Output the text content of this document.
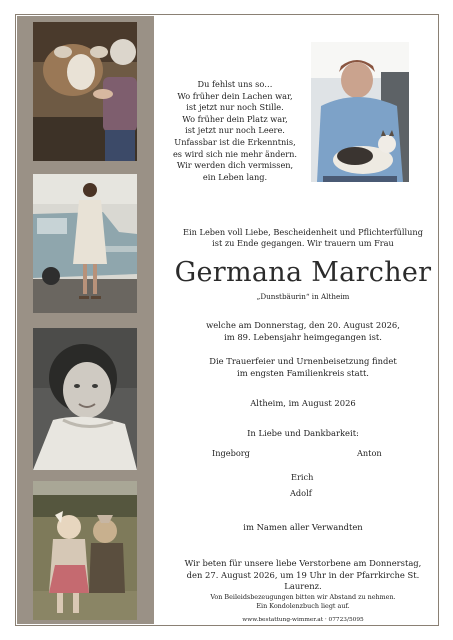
Du fehlst uns so…
Wo früher dein Lachen war,
ist jetzt nur noch Stille.
Wo früher dein Platz war,
ist jetzt nur noch Leere.
Unfassbar ist die Erkenntnis,
es wird sich nie mehr ändern.
Wir werden dich vermissen,
ein Leben lang.
Ein Leben voll Liebe, Bescheidenheit und Pflichterfüllung
ist zu Ende gegangen. Wir trauern um Frau
Germana Marcher
„Dunstbäurin“ in Altheim
welche am Donnerstag, den 20. August 2026,
im 89. Lebensjahr heimgegangen ist.
Die Trauerfeier und Urnenbeisetzung findet
im engsten Familienkreis statt.
Altheim, im August 2026
In Liebe und Dankbarkeit:
Ingeborg	Anton
Erich
Adolf
im Namen aller Verwandten
Wir beten für unsere liebe Verstorbene am Donnerstag,
den 27. August 2026, um 19 Uhr in der Pfarrkirche St. Laurenz.
Von Beileidsbezeugungen bitten wir Abstand zu nehmen.
Ein Kondolenzbuch liegt auf.
www.bestattung-wimmer.at · 07723/5095
